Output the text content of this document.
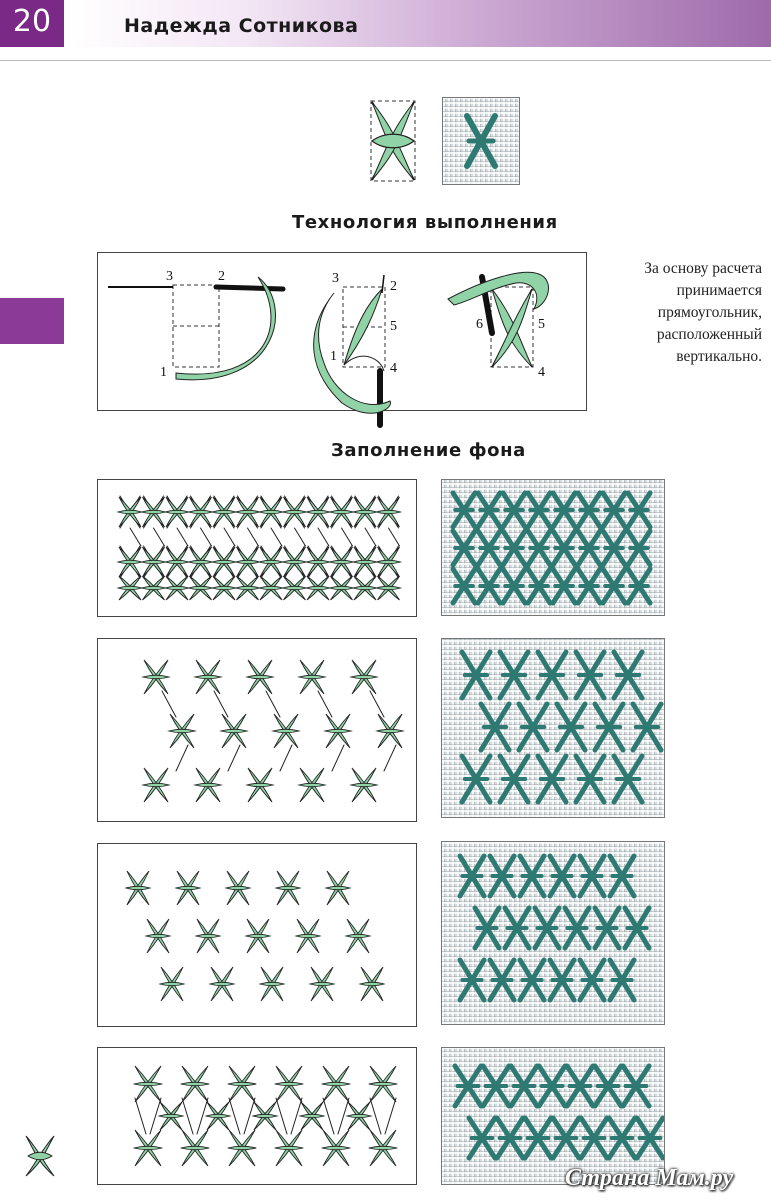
20	Надежда Сотникова
Технология выполнения
3	2
1
3
2
5
1
4
6	5
4
За основу расчета
принимается
прямоугольник,
расположенный
вертикально.
Заполнение фона
Страна Мам.ру
